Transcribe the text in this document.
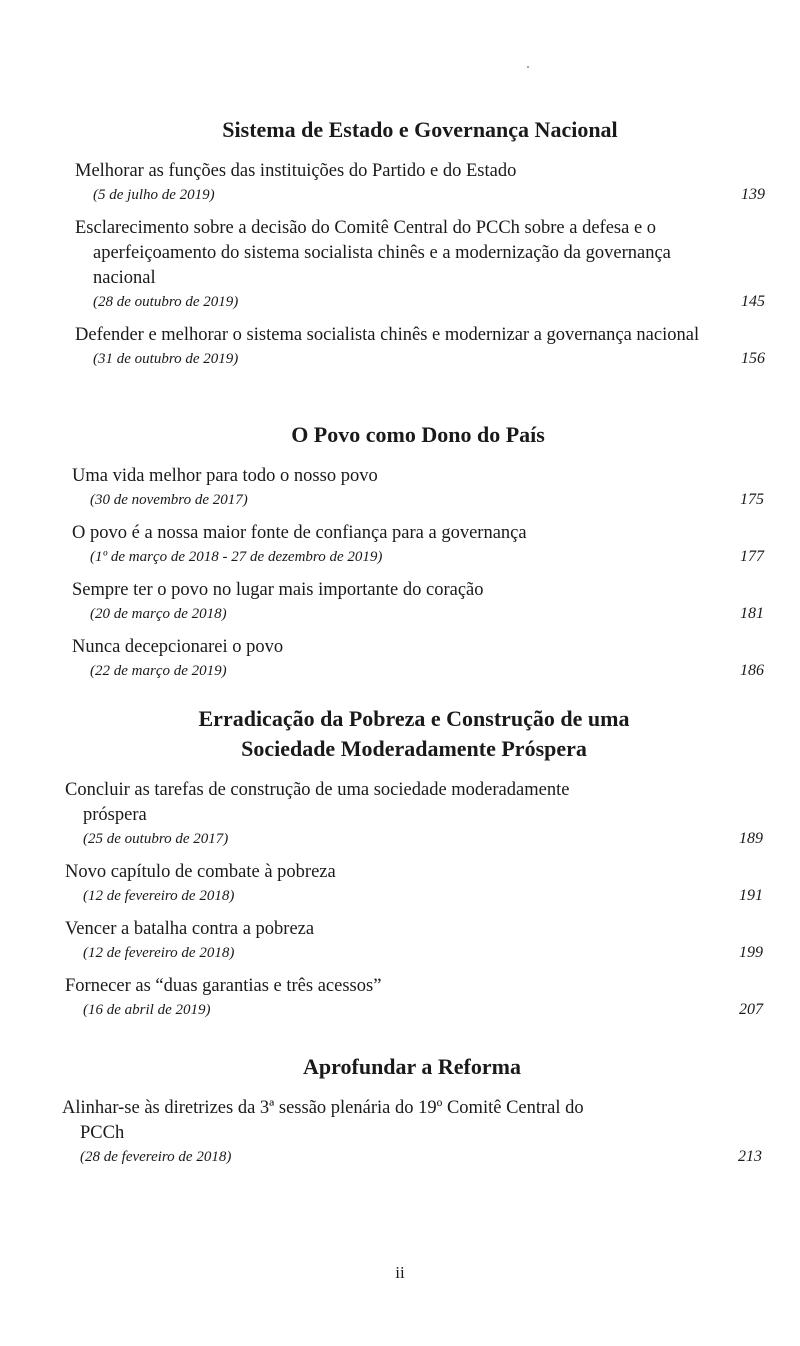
Sistema de Estado e Governança Nacional
Melhorar as funções das instituições do Partido e do Estado
(5 de julho de 2019)	139
Esclarecimento sobre a decisão do Comitê Central do PCCh sobre a defesa e o aperfeiçoamento do sistema socialista chinês e a modernização da governança nacional
(28 de outubro de 2019)	145
Defender e melhorar o sistema socialista chinês e modernizar a governança nacional
(31 de outubro de 2019)	156
O Povo como Dono do País
Uma vida melhor para todo o nosso povo
(30 de novembro de 2017)	175
O povo é a nossa maior fonte de confiança para a governança
(1º de março de 2018 - 27 de dezembro de 2019)	177
Sempre ter o povo no lugar mais importante do coração
(20 de março de 2018)	181
Nunca decepcionarei o povo
(22 de março de 2019)	186
Erradicação da Pobreza e Construção de uma
Sociedade Moderadamente Próspera
Concluir as tarefas de construção de uma sociedade moderadamente próspera
(25 de outubro de 2017)	189
Novo capítulo de combate à pobreza
(12 de fevereiro de 2018)	191
Vencer a batalha contra a pobreza
(12 de fevereiro de 2018)	199
Fornecer as “duas garantias e três acessos”
(16 de abril de 2019)	207
Aprofundar a Reforma
Alinhar-se às diretrizes da 3ª sessão plenária do 19º Comitê Central do PCCh
(28 de fevereiro de 2018)	213
ii
